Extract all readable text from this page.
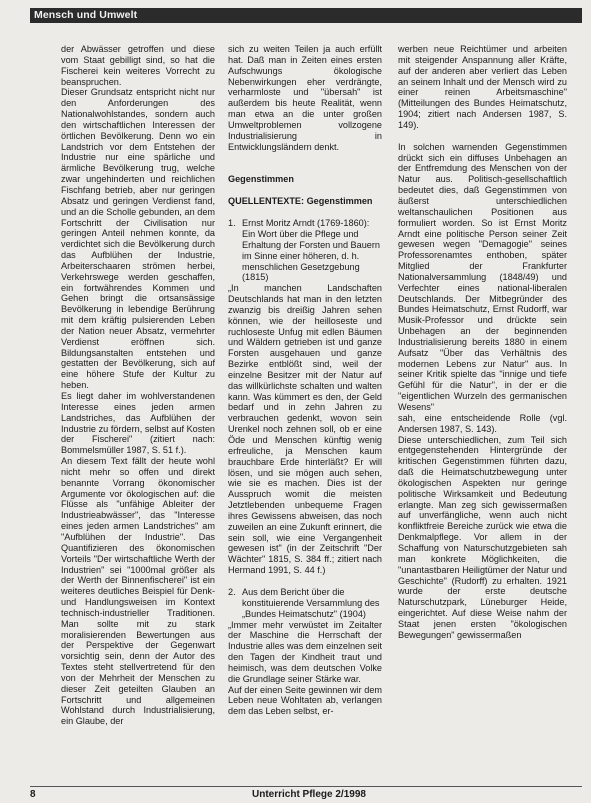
Mensch und Umwelt

der Abwässer getroffen und diese vom Staat gebilligt sind, so hat die Fischerei kein weiteres Vorrecht zu beanspruchen.

Dieser Grundsatz entspricht nicht nur den Anforderungen des Nationalwohlstandes, sondern auch den wirtschaftlichen Interessen der örtlichen Bevölkerung. Denn wo ein Landstrich vor dem Entstehen der Industrie nur eine spärliche und ärmliche Bevölkerung trug, welche zwar ungehinderten und reichlichen Fischfang betrieb, aber nur geringen Absatz und geringen Verdienst fand, und an die Scholle gebunden, an dem Fortschritt der Civilisation nur geringen Anteil nehmen konnte, da verdichtet sich die Bevölkerung durch das Aufblühen der Industrie, Arbeiterschaaren strömen herbei, Verkehrswege werden geschaffen, ein fortwährendes Kommen und Gehen bringt die ortsansässige Bevölkerung in lebendige Berührung mit dem kräftig pulsierenden Leben der Nation neuer Absatz, vermehrter Verdienst eröffnen sich. Bildungsanstalten entstehen und gestatten der Bevölkerung, sich auf eine höhere Stufe der Kultur zu heben.

Es liegt daher im wohlverstandenen Interesse eines jeden armen Landstriches, das Aufblühen der Industrie zu fördern, selbst auf Kosten der Fischerei" (zitiert nach: Bommelsmüller 1987, S. 51 f.).

An diesem Text fällt der heute wohl nicht mehr so offen und direkt benannte Vorrang ökonomischer Argumente vor ökologischen auf: die Flüsse als "unfähige Ableiter der Industrieabwässer", das "Interesse eines jeden armen Landstriches" am "Aufblühen der Industrie". Das Quantifizieren des ökonomischen Vorteils "Der wirtschaftliche Werth der Industrien" sei "1000mal größer als der Werth der Binnenfischerei" ist ein weiteres deutliches Beispiel für Denk- und Handlungsweisen im Kontext technisch-industrieller Traditionen. Man sollte mit zu stark moralisierenden Bewertungen aus der Perspektive der Gegenwart vorsichtig sein, denn der Autor des Textes steht stellvertretend für den von der Mehrheit der Menschen zu dieser Zeit geteilten Glauben an Fortschritt und allgemeinen Wohlstand durch Industrialisierung, ein Glaube, der

sich zu weiten Teilen ja auch erfüllt hat. Daß man in Zeiten eines ersten Aufschwungs ökologische Nebenwirkungen eher verdrängte, verharmloste und "übersah" ist außerdem bis heute Realität, wenn man etwa an die unter großen Umweltproblemen vollzogene Industrialisierung in Entwicklungsländern denkt.

Gegenstimmen

QUELLENTEXTE: Gegenstimmen

1. Ernst Moritz Arndt (1769-1860): Ein Wort über die Pflege und Erhaltung der Forsten und Bauern im Sinne einer höheren, d. h. menschlichen Gesetzgebung (1815)

„In manchen Landschaften Deutschlands hat man in den letzten zwanzig bis dreißig Jahren sehen können, wie der heilloseste und ruchloseste Unfug mit edlen Bäumen und Wäldern getrieben ist und ganze Forsten ausgehauen und ganze Bezirke entblößt sind, weil der einzelne Besitzer mit der Natur auf das willkürlichste schalten und walten kann. Was kümmert es den, der Geld bedarf und in zehn Jahren zu verbrauchen gedenkt, wovon sein Urenkel noch zehnen soll, ob er eine Öde und Menschen künftig wenig erfreuliche, ja Menschen kaum brauchbare Erde hinterläßt? Er will lösen, und sie mögen auch sehen, wie sie es machen. Dies ist der Ausspruch womit die meisten Jetztlebenden unbequeme Fragen ihres Gewissens abweisen, das noch zuweilen an eine Zukunft erinnert, die sein soll, wie eine Vergangenheit gewesen ist" (in der Zeitschrift "Der Wächter" 1815, S. 384 ff.; zitiert nach Hermand 1991, S. 44 f.)

2. Aus dem Bericht über die konstituierende Versammlung des „Bundes Heimatschutz" (1904)

„Immer mehr verwüstet im Zeitalter der Maschine die Herrschaft der Industrie alles was dem einzelnen seit den Tagen der Kindheit traut und heimisch, was dem deutschen Volke die Grundlage seiner Stärke war.

Auf der einen Seite gewinnen wir dem Leben neue Wohltaten ab, verlangen dem das Leben selbst, er-

werben neue Reichtümer und arbeiten mit steigender Anspannung aller Kräfte, auf der anderen aber verliert das Leben an seinem Inhalt und der Mensch wird zu einer reinen Arbeitsmaschine" (Mitteilungen des Bundes Heimatschutz, 1904; zitiert nach Andersen 1987, S. 149).

In solchen warnenden Gegenstimmen drückt sich ein diffuses Unbehagen an der Entfremdung des Menschen von der Natur aus. Politisch-gesellschaftlich bedeutet dies, daß Gegenstimmen von äußerst unterschiedlichen weltanschaulichen Positionen aus formuliert worden. So ist Ernst Moritz Arndt eine politische Person seiner Zeit gewesen wegen "Demagogie" seines Professorenamtes enthoben, später Mitglied der Frankfurter Nationalversammlung (1848/49) und Verfechter eines national-liberalen Deutschlands. Der Mitbegründer des Bundes Heimatschutz, Ernst Rudorff, war Musik-Professor und drückte sein Unbehagen an der beginnenden Industrialisierung bereits 1880 in einem Aufsatz "Über das Verhältnis des modernen Lebens zur Natur" aus. In seiner Kritik spielte das "innige und tiefe Gefühl für die Natur", in der er die "eigentlichen Wurzeln des germanischen Wesens"

sah, eine entscheidende Rolle (vgl. Andersen 1987, S. 143).

Diese unterschiedlichen, zum Teil sich entgegenstehenden Hintergründe der kritischen Gegenstimmen führten dazu, daß die Heimatschutzbewegung unter ökologischen Aspekten nur geringe politische Wirksamkeit und Bedeutung erlangte. Man zeg sich gewissermaßen auf unverfängliche, wenn auch nicht konfliktfreie Bereiche zurück wie etwa die Denkmalpflege. Vor allem in der Schaffung von Naturschutzgebieten sah man konkrete Möglichkeiten, die "unantastbaren Heiligtümer der Natur und Geschichte" (Rudorff) zu erhalten. 1921 wurde der erste deutsche Naturschutzpark, Lüneburger Heide, eingerichtet. Auf diese Weise nahm der Staat jenen ersten "ökologischen Bewegungen" gewissermaßen

8	Unterricht Pflege 2/1998
